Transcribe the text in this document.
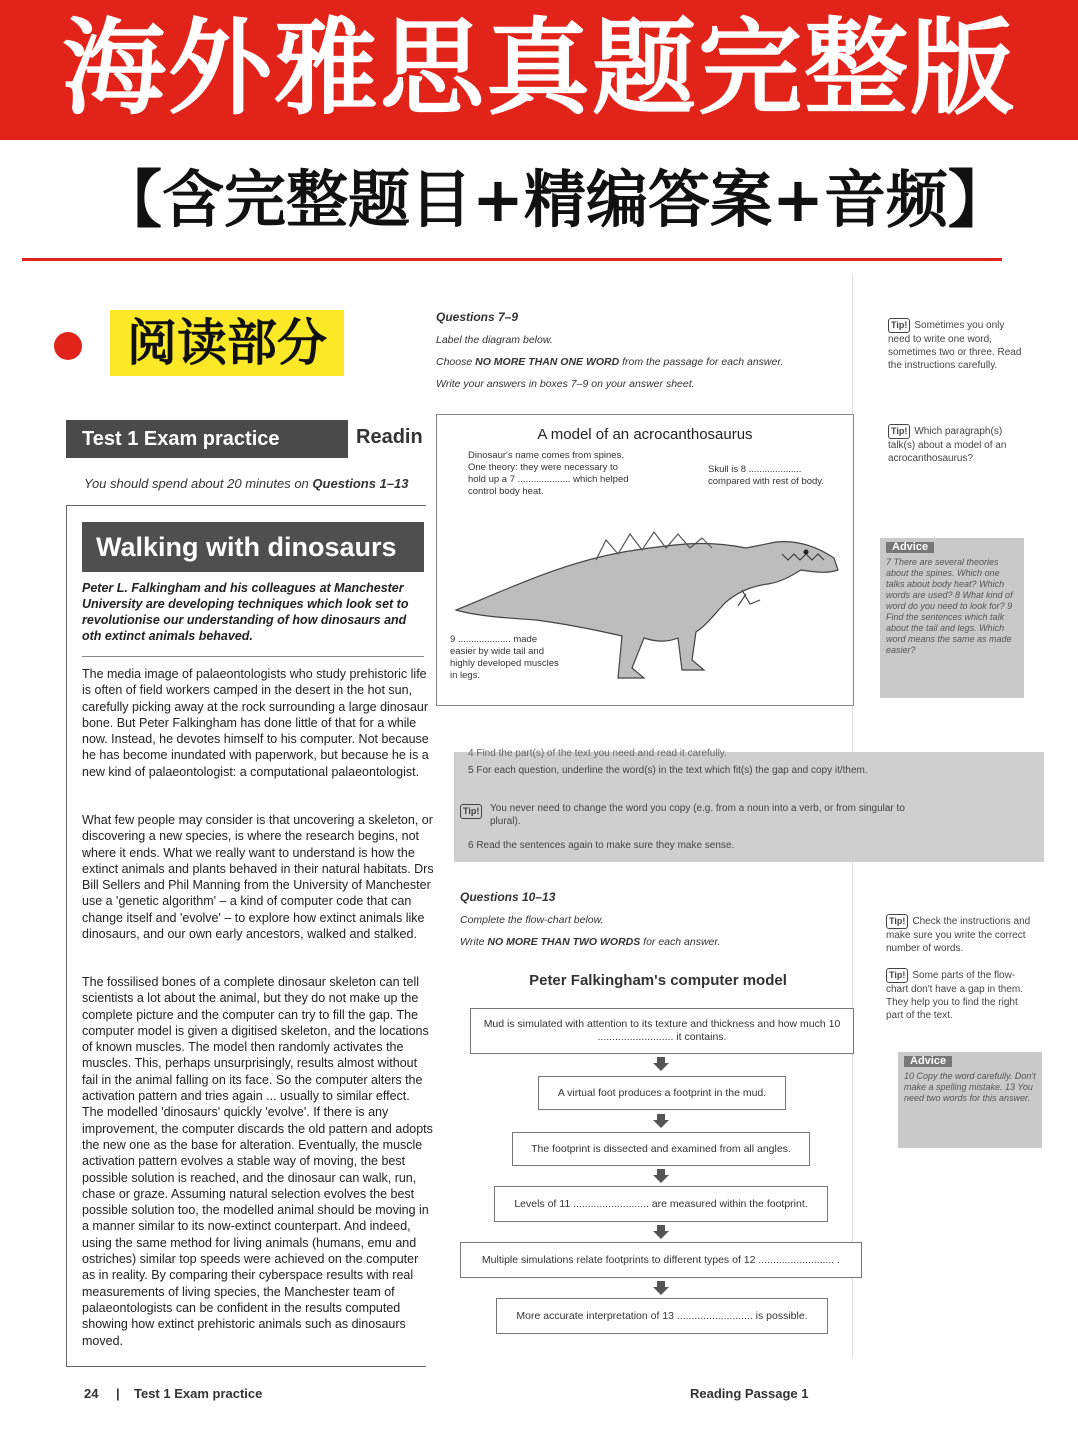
海外雅思真题完整版
【含完整题目+精编答案+音频】
阅读部分
Test 1 Exam practice	Readin
You should spend about 20 minutes on Questions 1–13
Walking with dinosaurs
Peter L. Falkingham and his colleagues at Manchester University are developing techniques which look set to revolutionise our understanding of how dinosaurs and oth extinct animals behaved.
The media image of palaeontologists who study prehistoric life is often of field workers camped in the desert in the hot sun, carefully picking away at the rock surrounding a large dinosaur bone. But Peter Falkingham has done little of that for a while now. Instead, he devotes himself to his computer. Not because he has become inundated with paperwork, but because he is a new kind of palaeontologist: a computational palaeontologist.
What few people may consider is that uncovering a skeleton, or discovering a new species, is where the research begins, not where it ends. What we really want to understand is how the extinct animals and plants behaved in their natural habitats. Drs Bill Sellers and Phil Manning from the University of Manchester use a 'genetic algorithm' – a kind of computer code that can change itself and 'evolve' – to explore how extinct animals like dinosaurs, and our own early ancestors, walked and stalked.
The fossilised bones of a complete dinosaur skeleton can tell scientists a lot about the animal, but they do not make up the complete picture and the computer can try to fill the gap. The computer model is given a digitised skeleton, and the locations of known muscles. The model then randomly activates the muscles. This, perhaps unsurprisingly, results almost without fail in the animal falling on its face. So the computer alters the activation pattern and tries again ... usually to similar effect. The modelled 'dinosaurs' quickly 'evolve'. If there is any improvement, the computer discards the old pattern and adopts the new one as the base for alteration. Eventually, the muscle activation pattern evolves a stable way of moving, the best possible solution is reached, and the dinosaur can walk, run, chase or graze. Assuming natural selection evolves the best possible solution too, the modelled animal should be moving in a manner similar to its now-extinct counterpart. And indeed, using the same method for living animals (humans, emu and ostriches) similar top speeds were achieved on the computer as in reality. By comparing their cyberspace results with real measurements of living species, the Manchester team of palaeontologists can be confident in the results computed showing how extinct prehistoric animals such as dinosaurs moved.
Questions 7–9
Label the diagram below.
Choose NO MORE THAN ONE WORD from the passage for each answer.
Write your answers in boxes 7–9 on your answer sheet.
A model of an acrocanthosaurus
Dinosaur's name comes from spines. One theory: they were necessary to hold up a 7 .................... which helped control body heat.
Skull is 8 .................... compared with rest of body.
9 .................... made easier by wide tail and highly developed muscles in legs.
Tip! Sometimes you only need to write one word, sometimes two or three. Read the instructions carefully.
Tip! Which paragraph(s) talk(s) about a model of an acrocanthosaurus?
Advice
7 There are several theories about the spines. Which one talks about body heat? Which words are used? 8 What kind of word do you need to look for? 9 Find the sentences which talk about the tail and legs. Which word means the same as made easier?
4 Find the part(s) of the text you need and read it carefully.
5 For each question, underline the word(s) in the text which fit(s) the gap and copy it/them.
Tip!	You never need to change the word you copy (e.g. from a noun into a verb, or from singular to plural).
6 Read the sentences again to make sure they make sense.
Questions 10–13
Complete the flow-chart below.
Write NO MORE THAN TWO WORDS for each answer.
Peter Falkingham's computer model
Mud is simulated with attention to its texture and thickness and how much 10 .......................... it contains.
A virtual foot produces a footprint in the mud.
The footprint is dissected and examined from all angles.
Levels of 11 .......................... are measured within the footprint.
Multiple simulations relate footprints to different types of 12 .......................... .
More accurate interpretation of 13 .......................... is possible.
Tip! Check the instructions and make sure you write the correct number of words.
Tip! Some parts of the flow-chart don't have a gap in them. They help you to find the right part of the text.
Advice
10 Copy the word carefully. Don't make a spelling mistake. 13 You need two words for this answer.
24 | Test 1 Exam practice	Reading Passage 1
